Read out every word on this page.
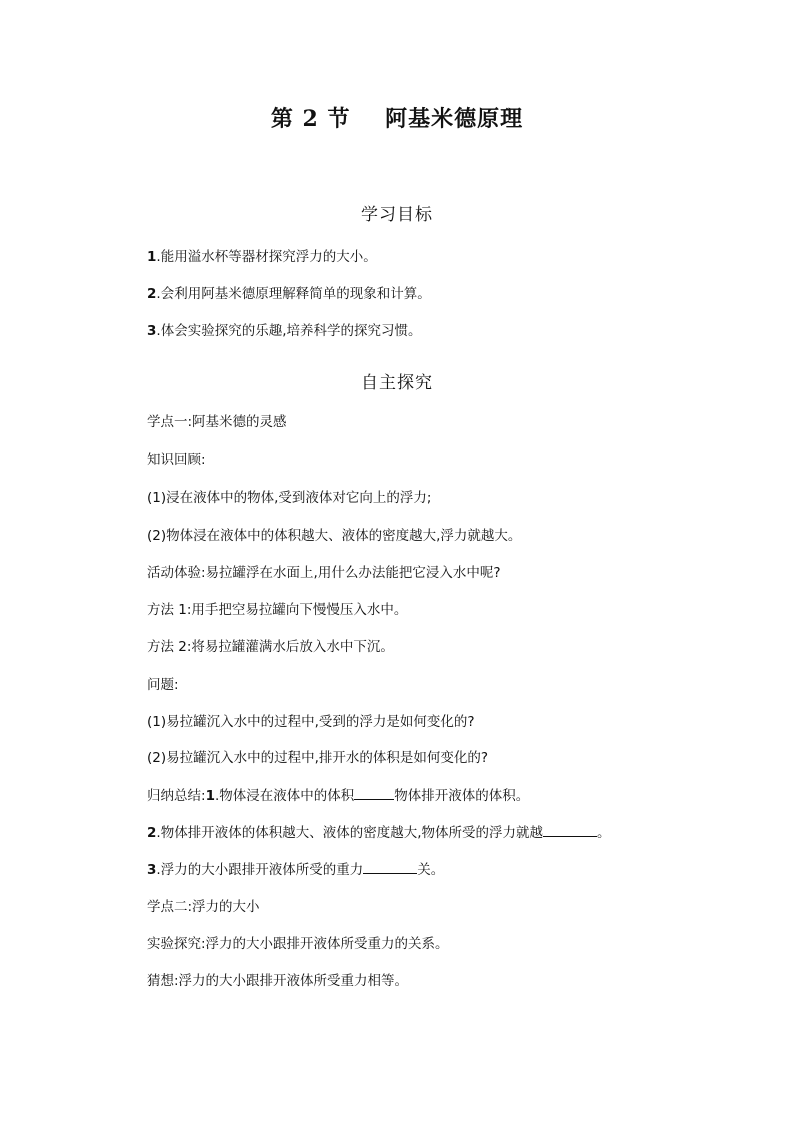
第 2 节    阿基米德原理
学习目标
1.能用溢水杯等器材探究浮力的大小。
2.会利用阿基米德原理解释简单的现象和计算。
3.体会实验探究的乐趣,培养科学的探究习惯。
自主探究
学点一:阿基米德的灵感
知识回顾:
(1)浸在液体中的物体,受到液体对它向上的浮力;
(2)物体浸在液体中的体积越大、液体的密度越大,浮力就越大。
活动体验:易拉罐浮在水面上,用什么办法能把它浸入水中呢?
方法 1:用手把空易拉罐向下慢慢压入水中。
方法 2:将易拉罐灌满水后放入水中下沉。
问题:
(1)易拉罐沉入水中的过程中,受到的浮力是如何变化的?
(2)易拉罐沉入水中的过程中,排开水的体积是如何变化的?
归纳总结:1.物体浸在液体中的体积	物体排开液体的体积。
2.物体排开液体的体积越大、液体的密度越大,物体所受的浮力就越	。
3.浮力的大小跟排开液体所受的重力	关。
学点二:浮力的大小
实验探究:浮力的大小跟排开液体所受重力的关系。
猜想:浮力的大小跟排开液体所受重力相等。
